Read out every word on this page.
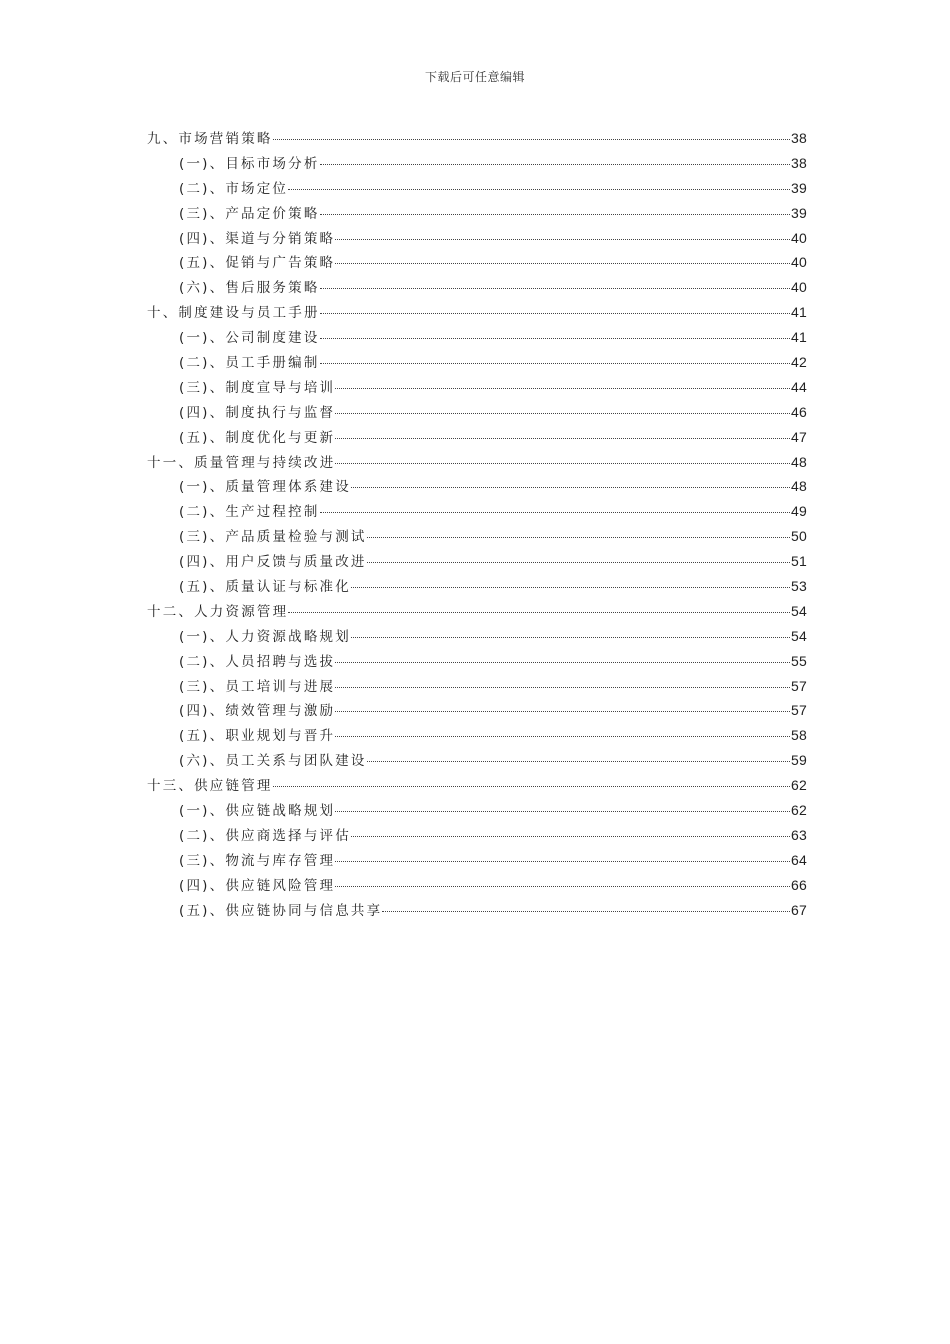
下载后可任意编辑
九、市场营销策略	38
(一)、目标市场分析	38
(二)、市场定位	39
(三)、产品定价策略	39
(四)、渠道与分销策略	40
(五)、促销与广告策略	40
(六)、售后服务策略	40
十、制度建设与员工手册	41
(一)、公司制度建设	41
(二)、员工手册编制	42
(三)、制度宣导与培训	44
(四)、制度执行与监督	46
(五)、制度优化与更新	47
十一、质量管理与持续改进	48
(一)、质量管理体系建设	48
(二)、生产过程控制	49
(三)、产品质量检验与测试	50
(四)、用户反馈与质量改进	51
(五)、质量认证与标准化	53
十二、人力资源管理	54
(一)、人力资源战略规划	54
(二)、人员招聘与选拔	55
(三)、员工培训与进展	57
(四)、绩效管理与激励	57
(五)、职业规划与晋升	58
(六)、员工关系与团队建设	59
十三、供应链管理	62
(一)、供应链战略规划	62
(二)、供应商选择与评估	63
(三)、物流与库存管理	64
(四)、供应链风险管理	66
(五)、供应链协同与信息共享	67
